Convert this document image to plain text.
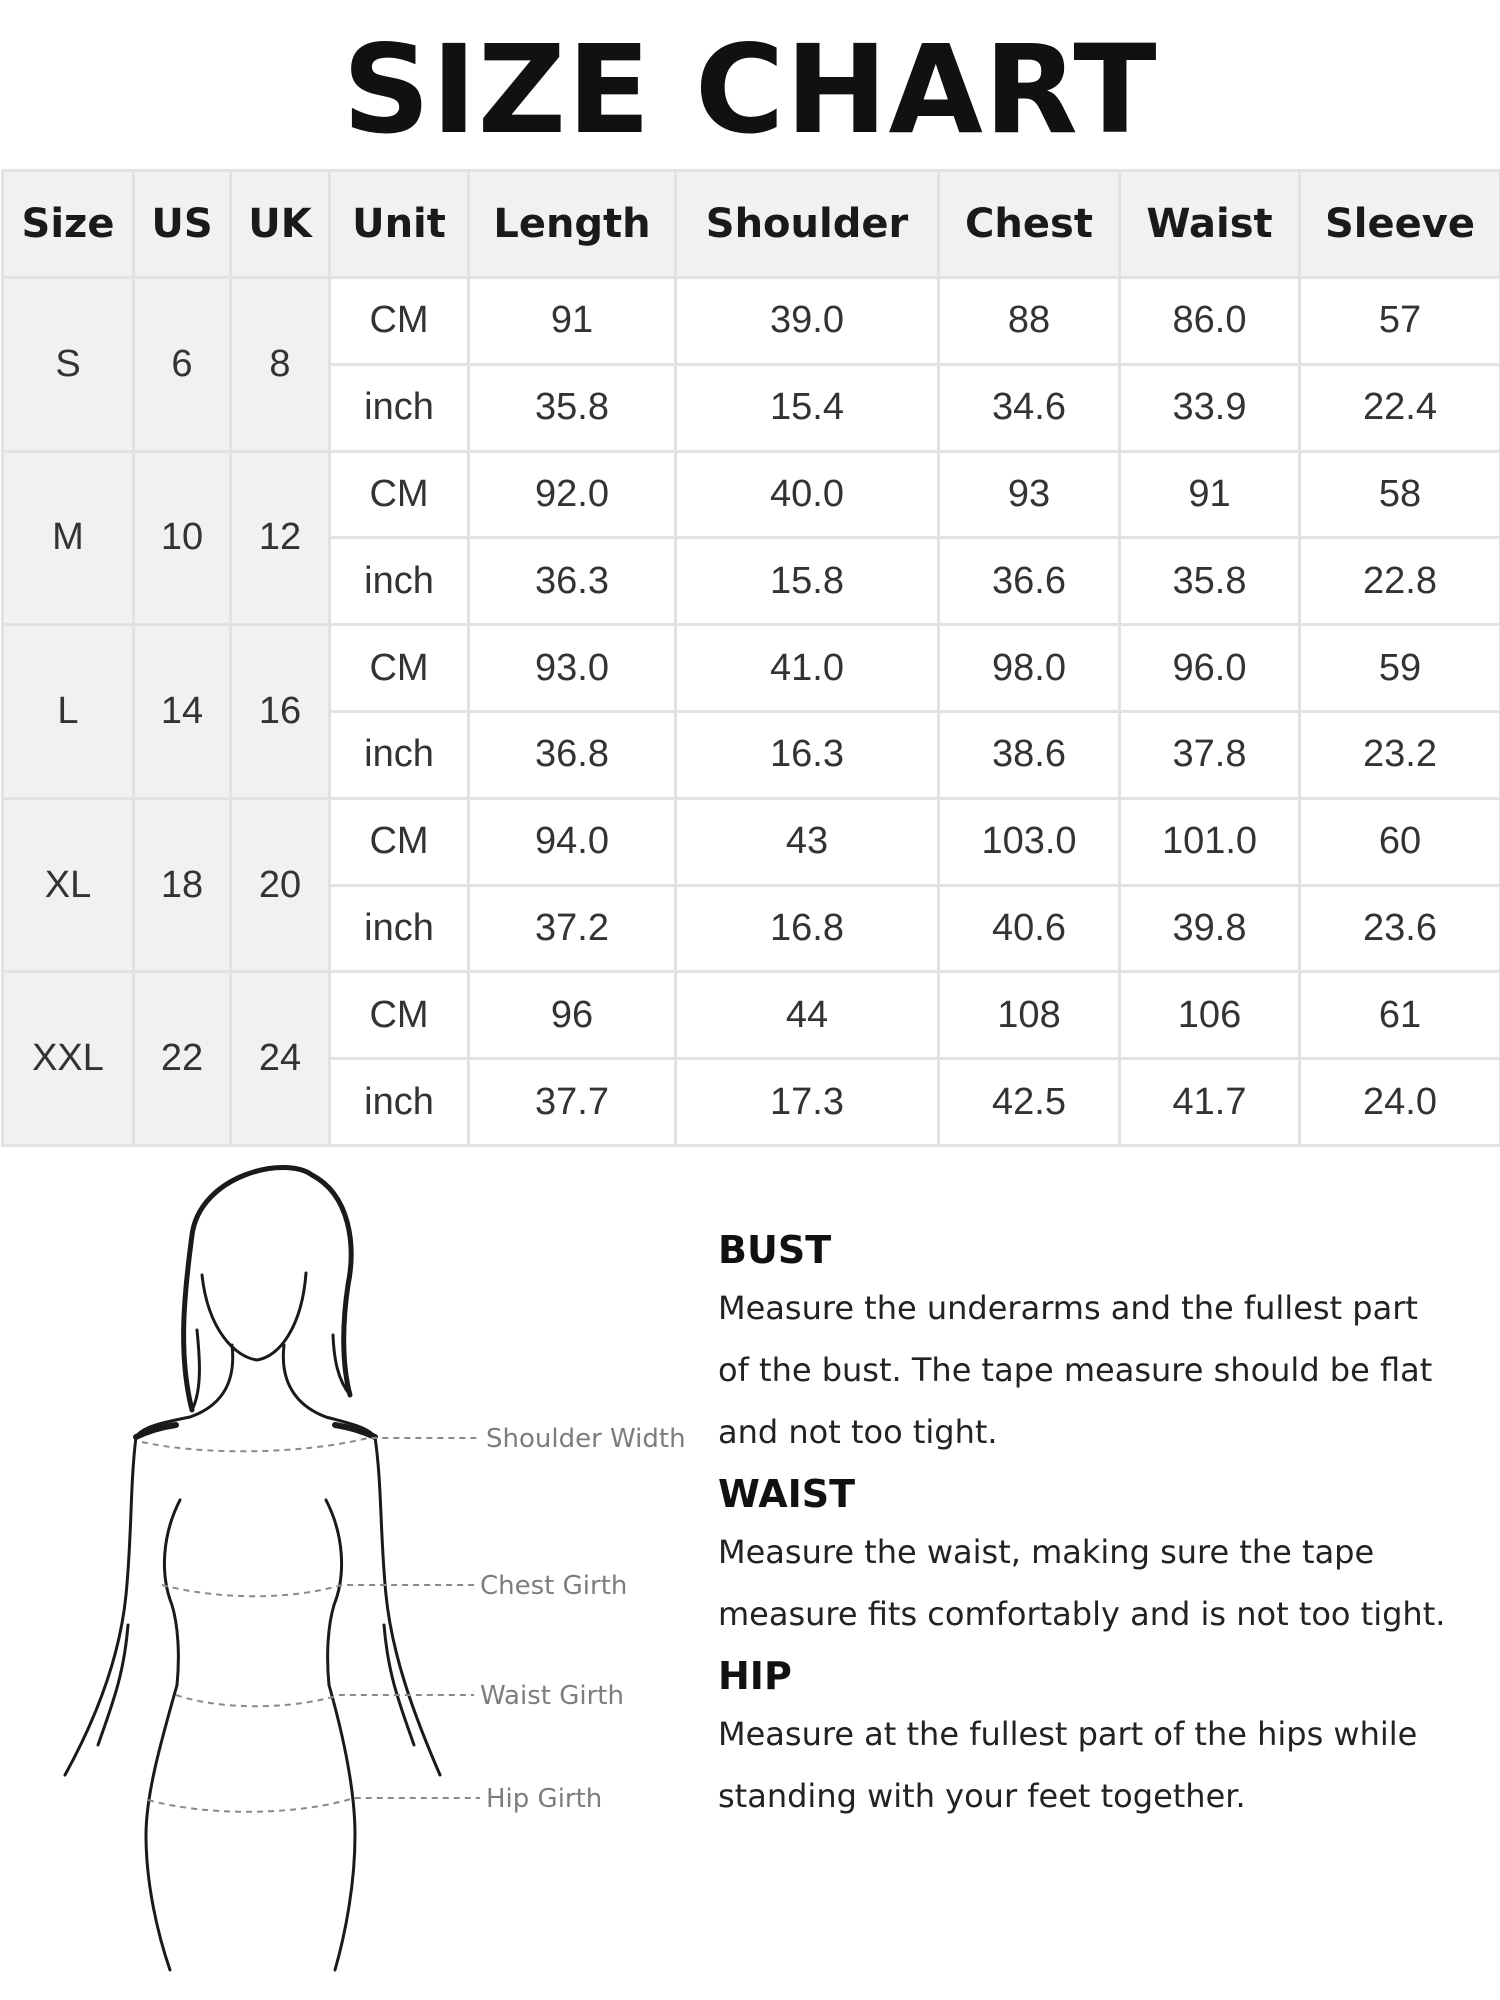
SIZE CHART
Size	US	UK	Unit	Length	Shoulder	Chest	Waist	Sleeve
S	6	8	CM	91	39.0	88	86.0	57
			inch	35.8	15.4	34.6	33.9	22.4
M	10	12	CM	92.0	40.0	93	91	58
			inch	36.3	15.8	36.6	35.8	22.8
L	14	16	CM	93.0	41.0	98.0	96.0	59
			inch	36.8	16.3	38.6	37.8	23.2
XL	18	20	CM	94.0	43	103.0	101.0	60
			inch	37.2	16.8	40.6	39.8	23.6
XXL	22	24	CM	96	44	108	106	61
			inch	37.7	17.3	42.5	41.7	24.0
Shoulder Width
Chest Girth
Waist Girth
Hip Girth
BUST
Measure the underarms and the fullest part of the bust. The tape measure should be flat and not too tight.
WAIST
Measure the waist, making sure the tape measure fits comfortably and is not too tight.
HIP
Measure at the fullest part of the hips while standing with your feet together.
